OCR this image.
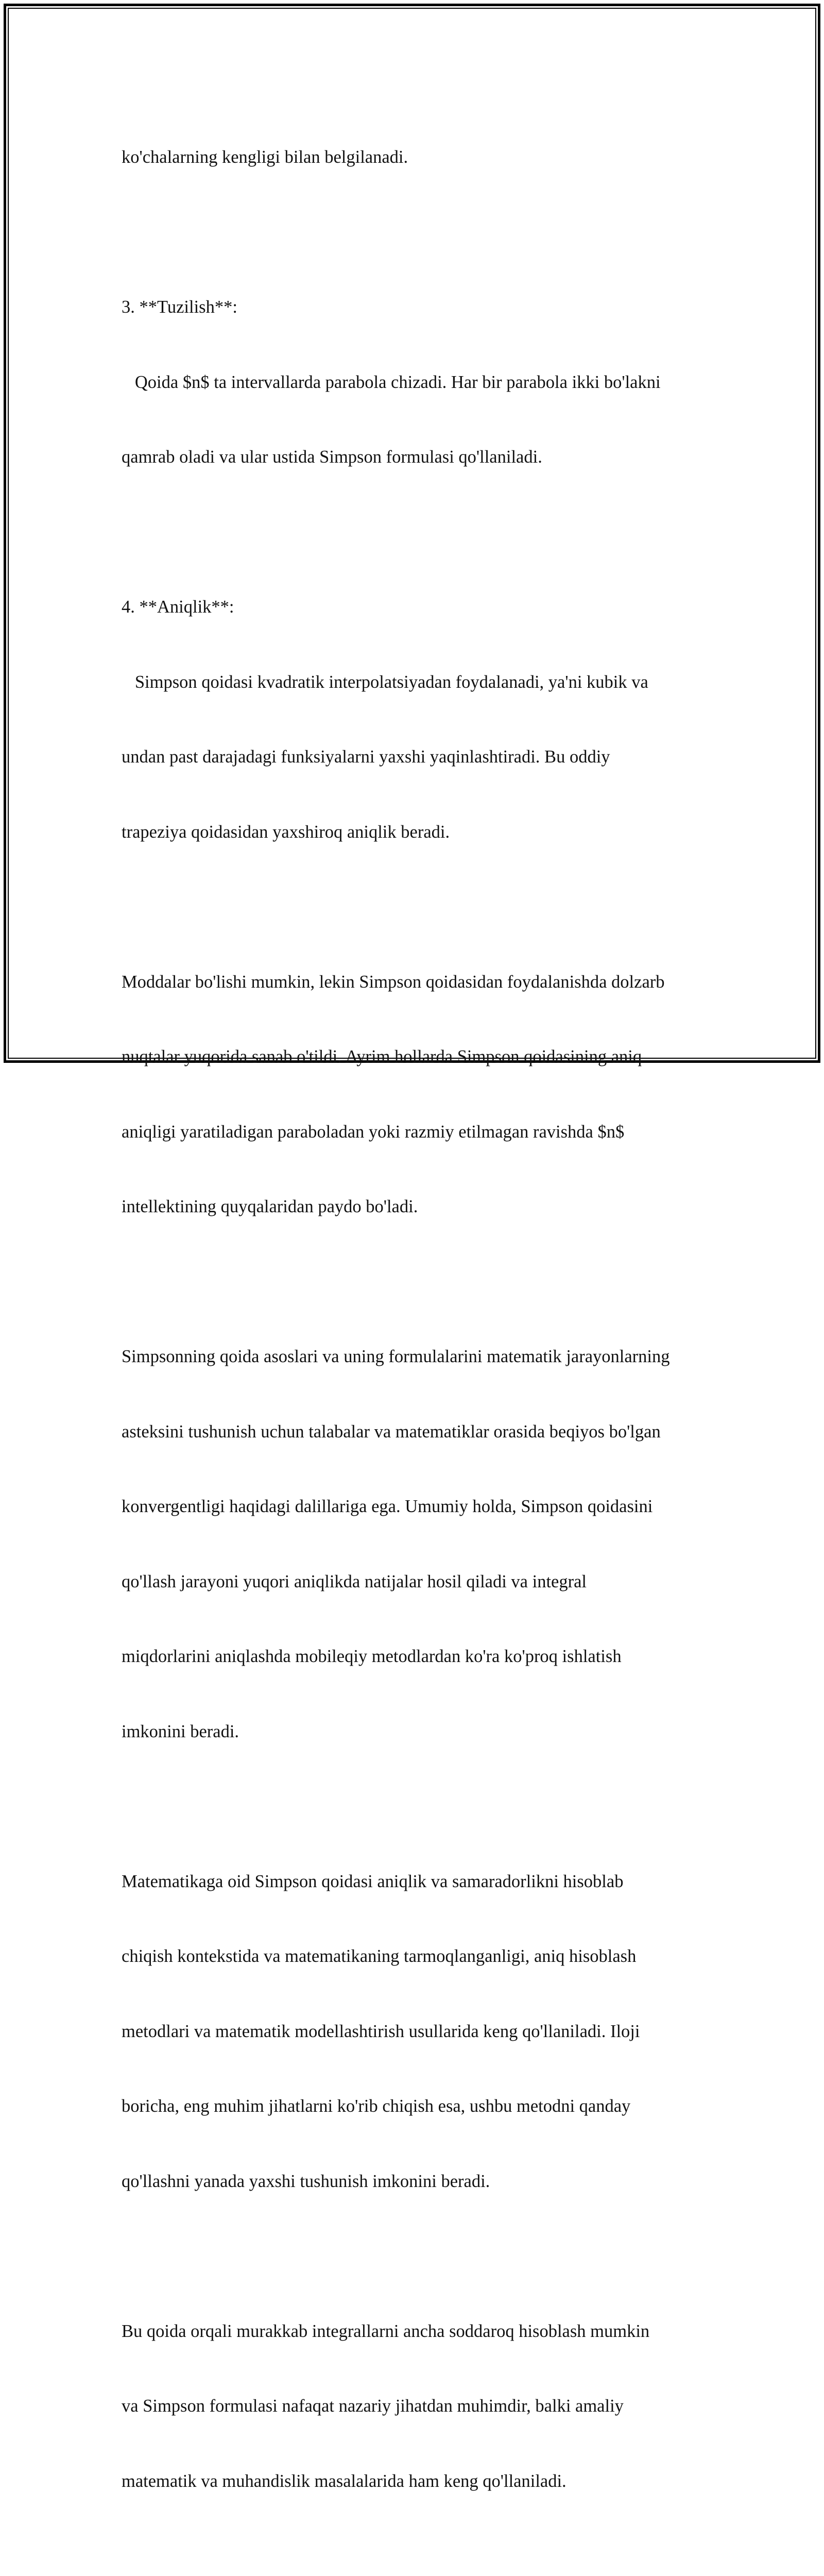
ko'chalarning kengligi bilan belgilanadi.

3. **Tuzilish**:

Qoida $n$ ta intervallarda parabola chizadi. Har bir parabola ikki bo'lakni

qamrab oladi va ular ustida Simpson formulasi qo'llaniladi.

4. **Aniqlik**:

Simpson qoidasi kvadratik interpolatsiyadan foydalanadi, ya'ni kubik va

undan past darajadagi funksiyalarni yaxshi yaqinlashtiradi. Bu oddiy

trapeziya qoidasidan yaxshiroq aniqlik beradi.

Moddalar bo'lishi mumkin, lekin Simpson qoidasidan foydalanishda dolzarb

nuqtalar yuqorida sanab o'tildi. Ayrim hollarda Simpson qoidasining aniq

aniqligi yaratiladigan paraboladan yoki razmiy etilmagan ravishda $n$

intellektining quyqalaridan paydo bo'ladi.

Simpsonning qoida asoslari va uning formulalarini matematik jarayonlarning

asteksini tushunish uchun talabalar va matematiklar orasida beqiyos bo'lgan

konvergentligi haqidagi dalillariga ega. Umumiy holda, Simpson qoidasini

qo'llash jarayoni yuqori aniqlikda natijalar hosil qiladi va integral

miqdorlarini aniqlashda mobileqiy metodlardan ko'ra ko'proq ishlatish

imkonini beradi.

Matematikaga oid Simpson qoidasi aniqlik va samaradorlikni hisoblab

chiqish kontekstida va matematikaning tarmoqlanganligi, aniq hisoblash

metodlari va matematik modellashtirish usullarida keng qo'llaniladi. Iloji

boricha, eng muhim jihatlarni ko'rib chiqish esa, ushbu metodni qanday

qo'llashni yanada yaxshi tushunish imkonini beradi.

Bu qoida orqali murakkab integrallarni ancha soddaroq hisoblash mumkin

va Simpson formulasi nafaqat nazariy jihatdan muhimdir, balki amaliy

matematik va muhandislik masalalarida ham keng qo'llaniladi.
